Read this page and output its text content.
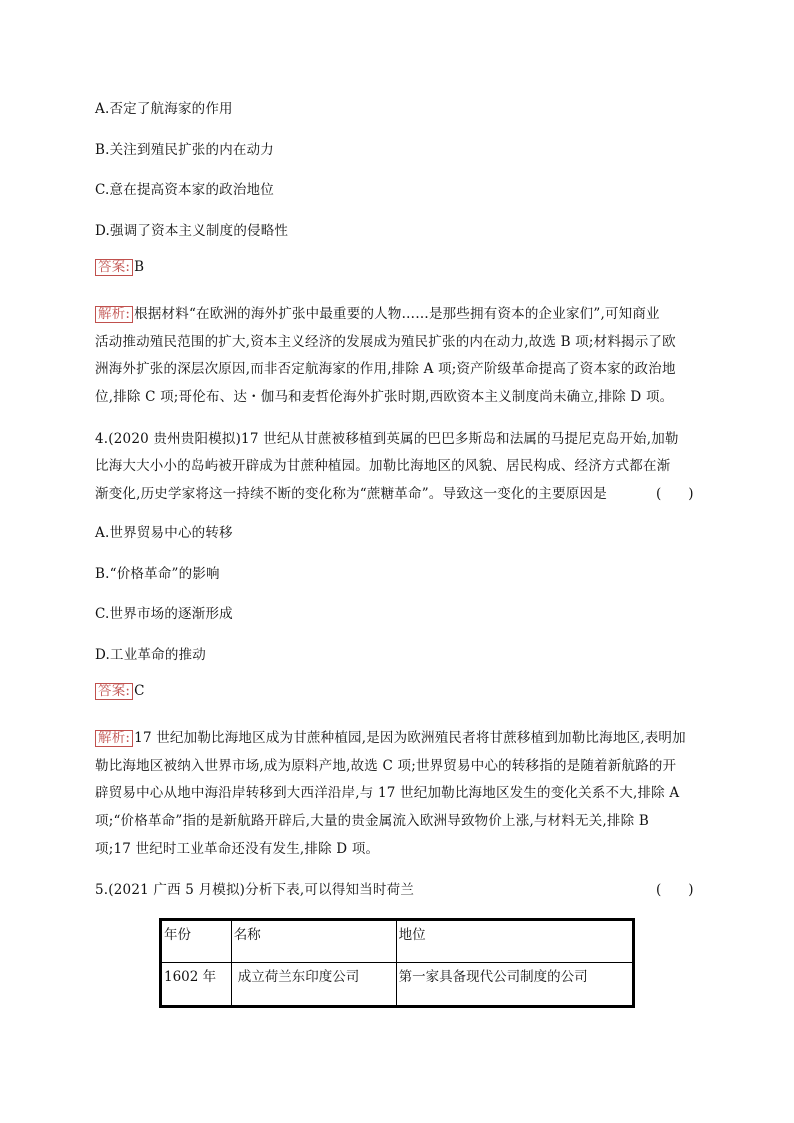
A.否定了航海家的作用
B.关注到殖民扩张的内在动力
C.意在提高资本家的政治地位
D.强调了资本主义制度的侵略性
答案: B
解析: 根据材料“在欧洲的海外扩张中最重要的人物……是那些拥有资本的企业家们”,可知商业
活动推动殖民范围的扩大,资本主义经济的发展成为殖民扩张的内在动力,故选 B 项;材料揭示了欧
洲海外扩张的深层次原因,而非否定航海家的作用,排除 A 项;资产阶级革命提高了资本家的政治地
位,排除 C 项;哥伦布、达・伽马和麦哲伦海外扩张时期,西欧资本主义制度尚未确立,排除 D 项。
4.(2020 贵州贵阳模拟)17 世纪从甘蔗被移植到英属的巴巴多斯岛和法属的马提尼克岛开始,加勒
比海大大小小的岛屿被开辟成为甘蔗种植园。加勒比海地区的风貌、居民构成、经济方式都在渐
渐变化,历史学家将这一持续不断的变化称为“蔗糖革命”。导致这一变化的主要原因是	(　　)
A.世界贸易中心的转移
B.“价格革命”的影响
C.世界市场的逐渐形成
D.工业革命的推动
答案: C
解析: 17 世纪加勒比海地区成为甘蔗种植园,是因为欧洲殖民者将甘蔗移植到加勒比海地区,表明加
勒比海地区被纳入世界市场,成为原料产地,故选 C 项;世界贸易中心的转移指的是随着新航路的开
辟贸易中心从地中海沿岸转移到大西洋沿岸,与 17 世纪加勒比海地区发生的变化关系不大,排除 A
项;“价格革命”指的是新航路开辟后,大量的贵金属流入欧洲导致物价上涨,与材料无关,排除 B
项;17 世纪时工业革命还没有发生,排除 D 项。
5.(2021 广西 5 月模拟)分析下表,可以得知当时荷兰	(　　)
年份	名称	地位
1602 年	成立荷兰东印度公司	第一家具备现代公司制度的公司
